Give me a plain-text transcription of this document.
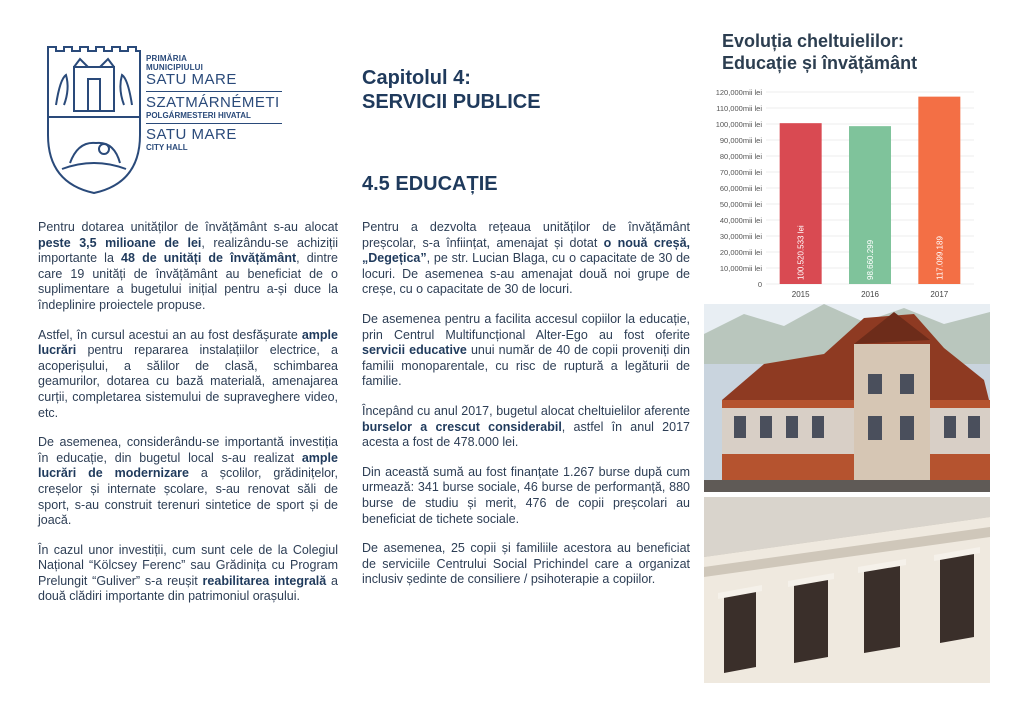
PRIMĂRIA
MUNICIPIULUI
SATU MARE
SZATMÁRNÉMETI
POLGÁRMESTERI HIVATAL
SATU MARE
CITY HALL
Capitolul 4:
SERVICII PUBLICE
4.5 EDUCAȚIE

Pentru dotarea unităților de învățământ s-au alocat peste 3,5 milioane de lei, realizându-se achiziții importante la 48 de unități de învățământ, dintre care 19 unități de învățământ au beneficiat de o suplimentare a bugetului inițial pentru a-și duce la îndeplinire proiectele propuse.

Astfel, în cursul acestui an au fost desfășurate ample lucrări pentru repararea instalațiilor electrice, a acoperișului, a sălilor de clasă, schimbarea geamurilor, dotarea cu bază materială, amenajarea curții, completarea sistemului de supraveghere video, etc.

De asemenea, considerându-se importantă investiția în educație, din bugetul local s-au realizat ample lucrări de modernizare a școlilor, grădinițelor, creșelor și internate școlare, s-au renovat săli de sport, s-au construit terenuri sintetice de sport și de joacă.

În cazul unor investiții, cum sunt cele de la Colegiul Național “Kölcsey Ferenc” sau Grădinița cu Program Prelungit “Guliver” s-a reușit reabilitarea integrală a două clădiri importante din patrimoniul orașului.

Pentru a dezvolta rețeaua unităților de învățământ preșcolar, s-a înființat, amenajat și dotat o nouă creșă, „Degețica”, pe str. Lucian Blaga, cu o capacitate de 30 de locuri. De asemenea s-au amenajat două noi grupe de creșe, cu o capacitate de 30 de locuri.

De asemenea pentru a facilita accesul copiilor la educație, prin Centrul Multifuncțional Alter-Ego au fost oferite servicii educative unui număr de 40 de copii proveniți din familii monoparentale, cu risc de ruptură a legăturii de familie.

Începând cu anul 2017, bugetul alocat cheltuielilor aferente burselor a crescut considerabil, astfel în anul 2017 acesta a fost de 478.000 lei.

Din această sumă au fost finanțate 1.267 burse după cum urmează: 341 burse sociale, 46 burse de performanță, 880 burse de studiu și merit, 476 de copii preșcolari au beneficiat de tichete sociale.

De asemenea, 25 copii și familiile acestora au beneficiat de serviciile Centrului Social Prichindel care a organizat inclusiv ședinte de consiliere / psihoterapie a copiilor.

Evoluția cheltuielilor:
Educație și învățământ
0
10,000mii lei
20,000mii lei
30,000mii lei
40,000mii lei
50,000mii lei
60,000mii lei
70,000mii lei
80,000mii lei
90,000mii lei
100,000mii lei
110,000mii lei
120,000mii lei
100.520.533 lei
2015
98.660.299
2016
117.099.189
2017
